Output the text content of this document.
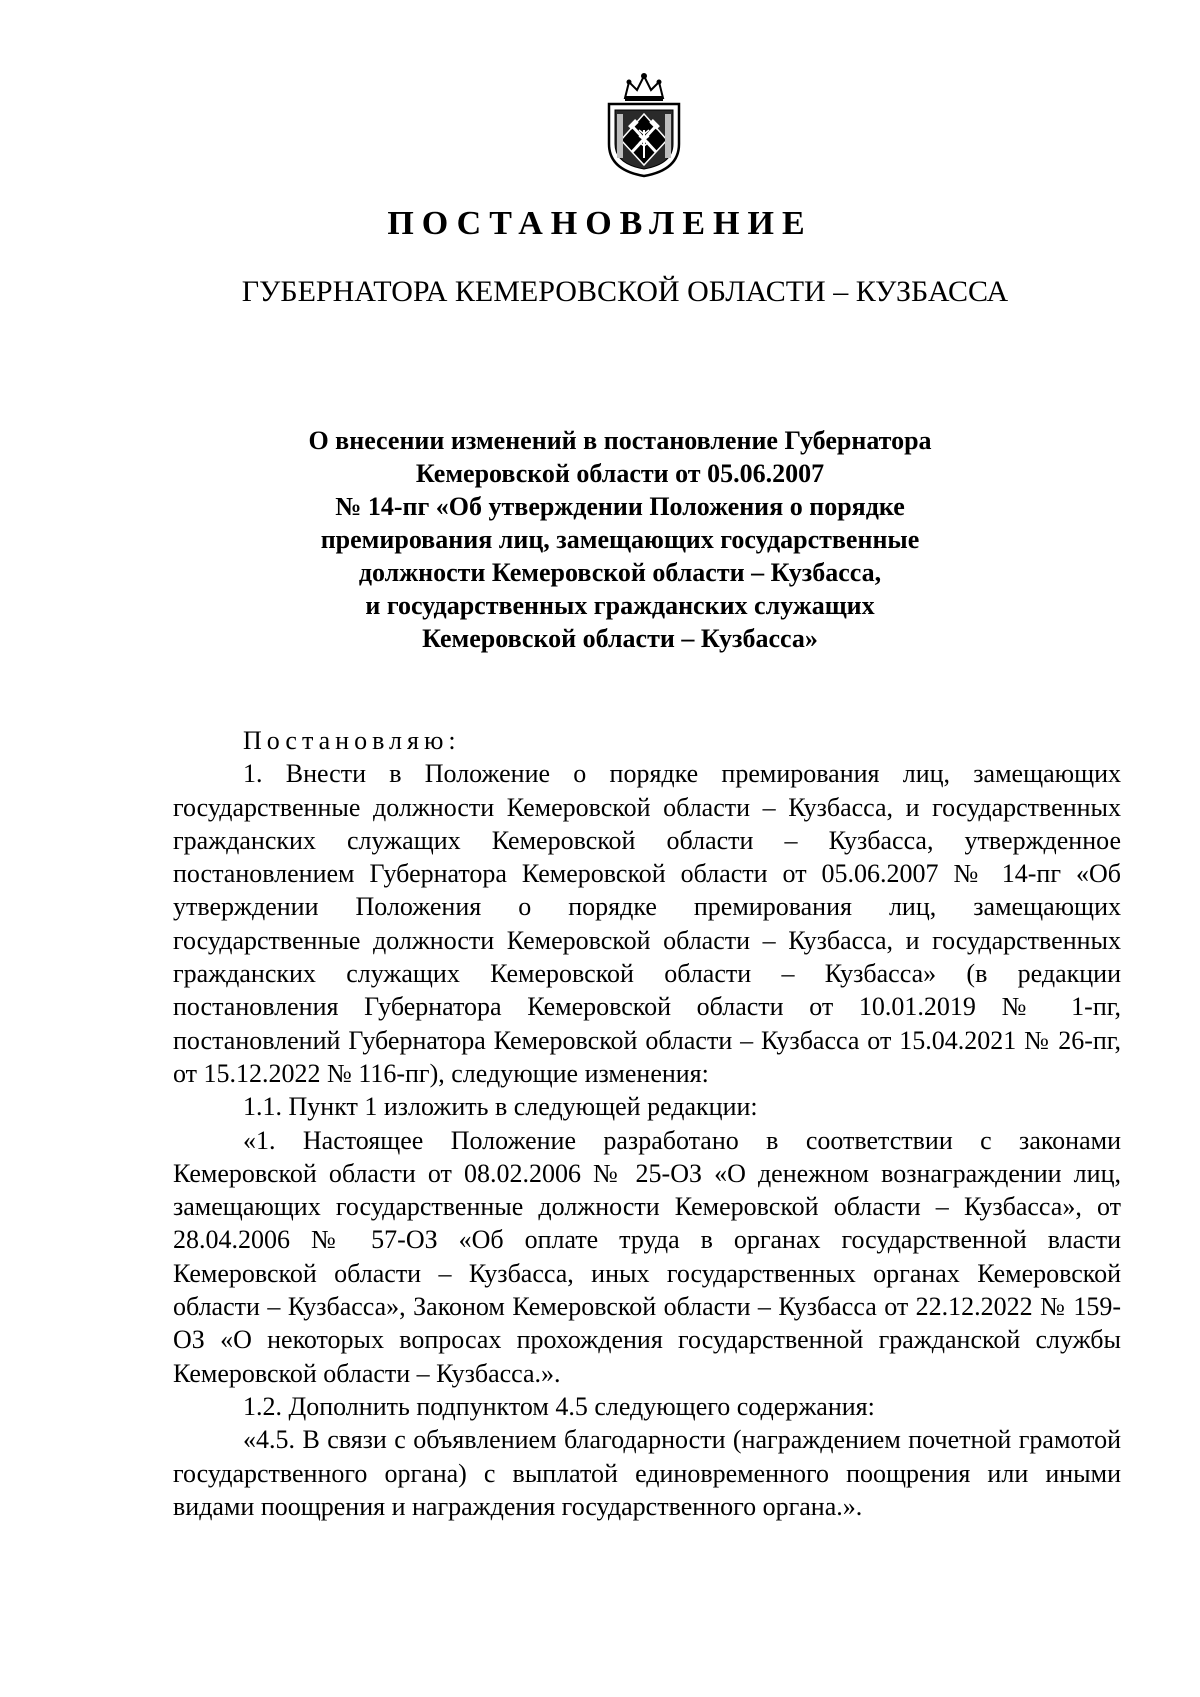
ПОСТАНОВЛЕНИЕ
ГУБЕРНАТОРА КЕМЕРОВСКОЙ ОБЛАСТИ – КУЗБАССА
О внесении изменений в постановление Губернатора
Кемеровской области от 05.06.2007
№ 14-пг «Об утверждении Положения о порядке
премирования лиц, замещающих государственные
должности Кемеровской области – Кузбасса,
и государственных гражданских служащих
Кемеровской области – Кузбасса»

Постановляю:

1. Внести в Положение о порядке премирования лиц, замещающих государственные должности Кемеровской области – Кузбасса, и государственных гражданских служащих Кемеровской области – Кузбасса, утвержденное постановлением Губернатора Кемеровской области от 05.06.2007 № 14-пг «Об утверждении Положения о порядке премирования лиц, замещающих государственные должности Кемеровской области – Кузбасса, и государственных гражданских служащих Кемеровской области – Кузбасса» (в редакции постановления Губернатора Кемеровской области от 10.01.2019 № 1-пг, постановлений Губернатора Кемеровской области – Кузбасса от 15.04.2021 № 26-пг, от 15.12.2022 № 116-пг), следующие изменения:

1.1. Пункт 1 изложить в следующей редакции:

«1. Настоящее Положение разработано в соответствии с законами Кемеровской области от 08.02.2006 № 25-ОЗ «О денежном вознаграждении лиц, замещающих государственные должности Кемеровской области – Кузбасса», от 28.04.2006 № 57-ОЗ «Об оплате труда в органах государственной власти Кемеровской области – Кузбасса, иных государственных органах Кемеровской области – Кузбасса», Законом Кемеровской области – Кузбасса от 22.12.2022 № 159-ОЗ «О некоторых вопросах прохождения государственной гражданской службы Кемеровской области – Кузбасса.».

1.2. Дополнить подпунктом 4.5 следующего содержания:

«4.5. В связи с объявлением благодарности (награждением почетной грамотой государственного органа) с выплатой единовременного поощрения или иными видами поощрения и награждения государственного органа.».
